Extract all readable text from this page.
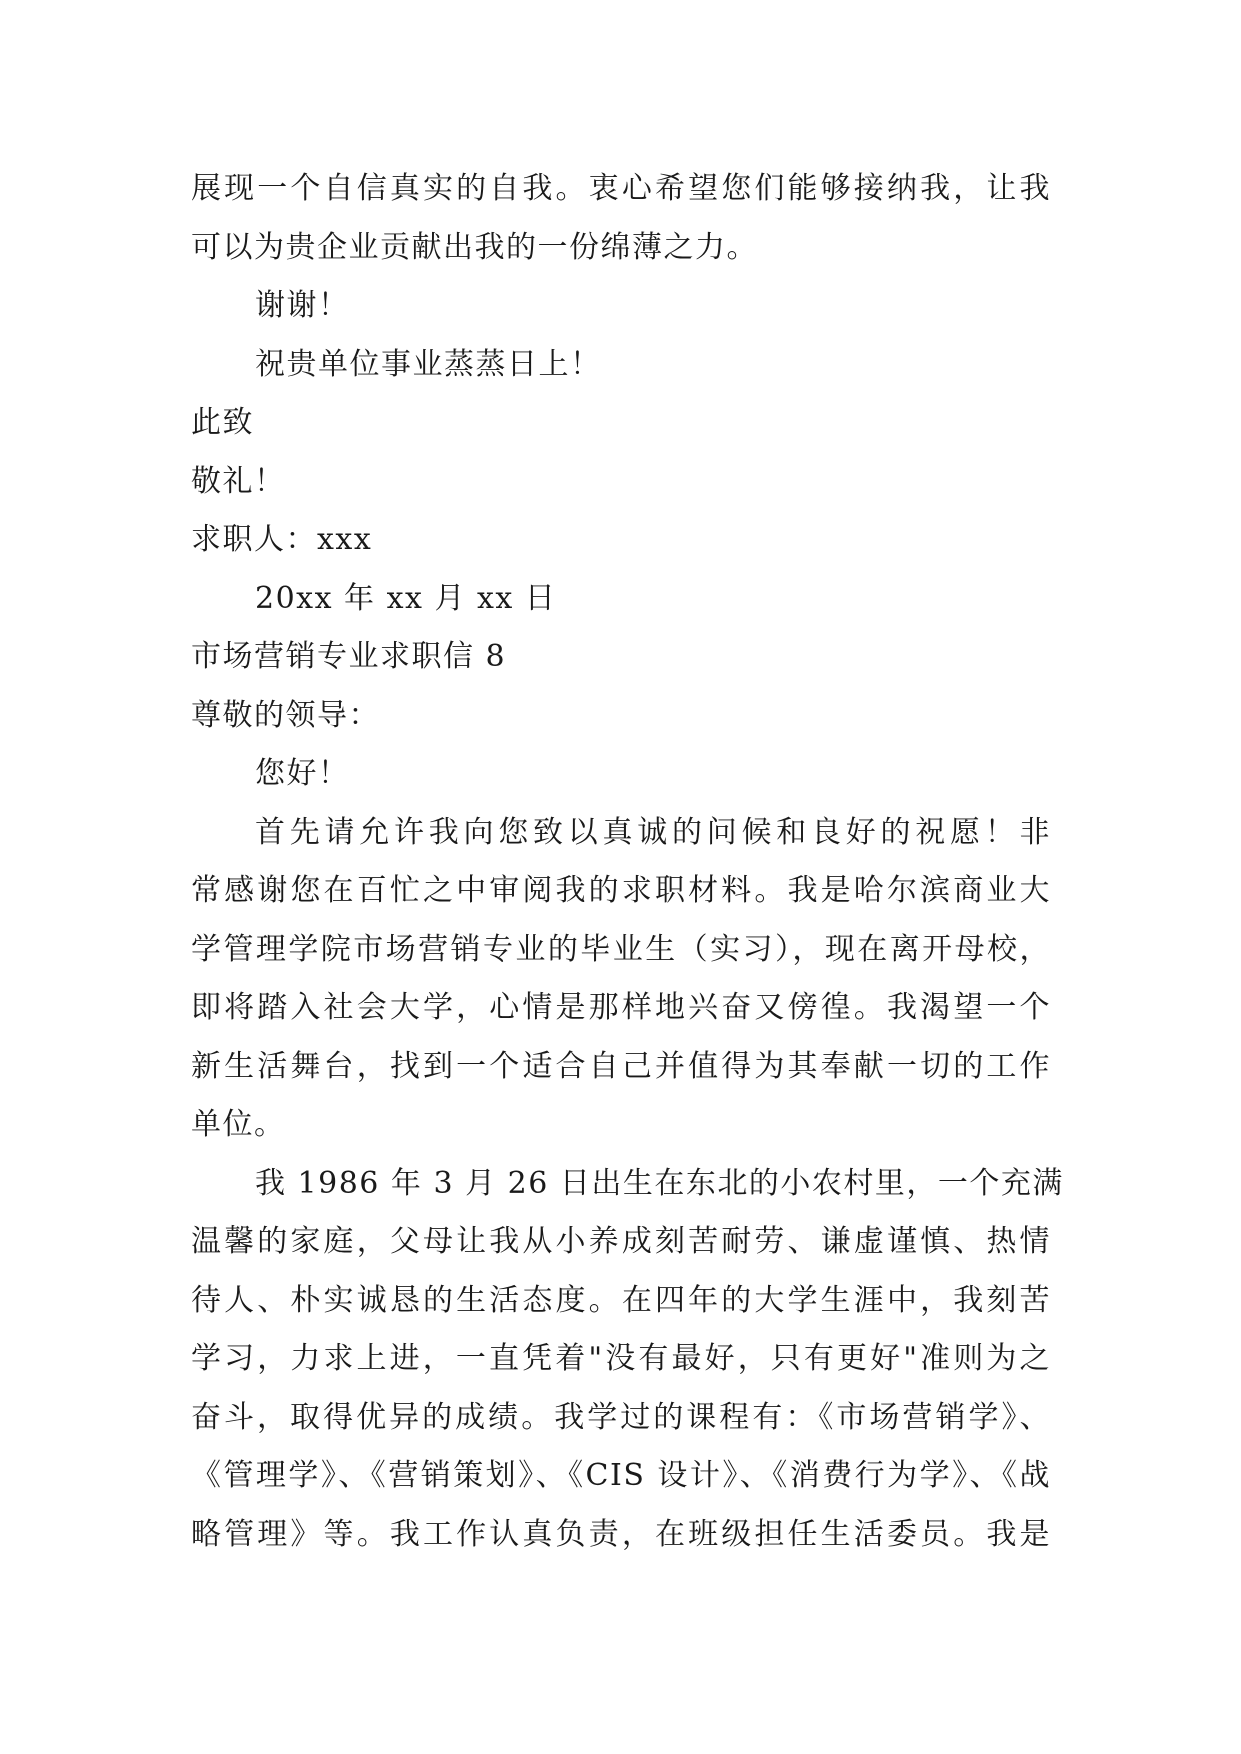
展现一个自信真实的自我。衷心希望您们能够接纳我，让我
可以为贵企业贡献出我的一份绵薄之力。
谢谢！
祝贵单位事业蒸蒸日上！
此致
敬礼！
求职人：xxx
20xx 年 xx 月 xx 日
市场营销专业求职信 8
尊敬的领导：
您好！
首先请允许我向您致以真诚的问候和良好的祝愿！非
常感谢您在百忙之中审阅我的求职材料。我是哈尔滨商业大
学管理学院市场营销专业的毕业生（实习），现在离开母校，
即将踏入社会大学，心情是那样地兴奋又傍徨。我渴望一个
新生活舞台，找到一个适合自己并值得为其奉献一切的工作
单位。
我 1986 年 3 月 26 日出生在东北的小农村里，一个充满
温馨的家庭，父母让我从小养成刻苦耐劳、谦虚谨慎、热情
待人、朴实诚恳的生活态度。在四年的大学生涯中，我刻苦
学习，力求上进，一直凭着"没有最好，只有更好"准则为之
奋斗，取得优异的成绩。我学过的课程有：《市场营销学》、
《管理学》、《营销策划》、《CIS 设计》、《消费行为学》、《战
略管理》等。我工作认真负责，在班级担任生活委员。我是
